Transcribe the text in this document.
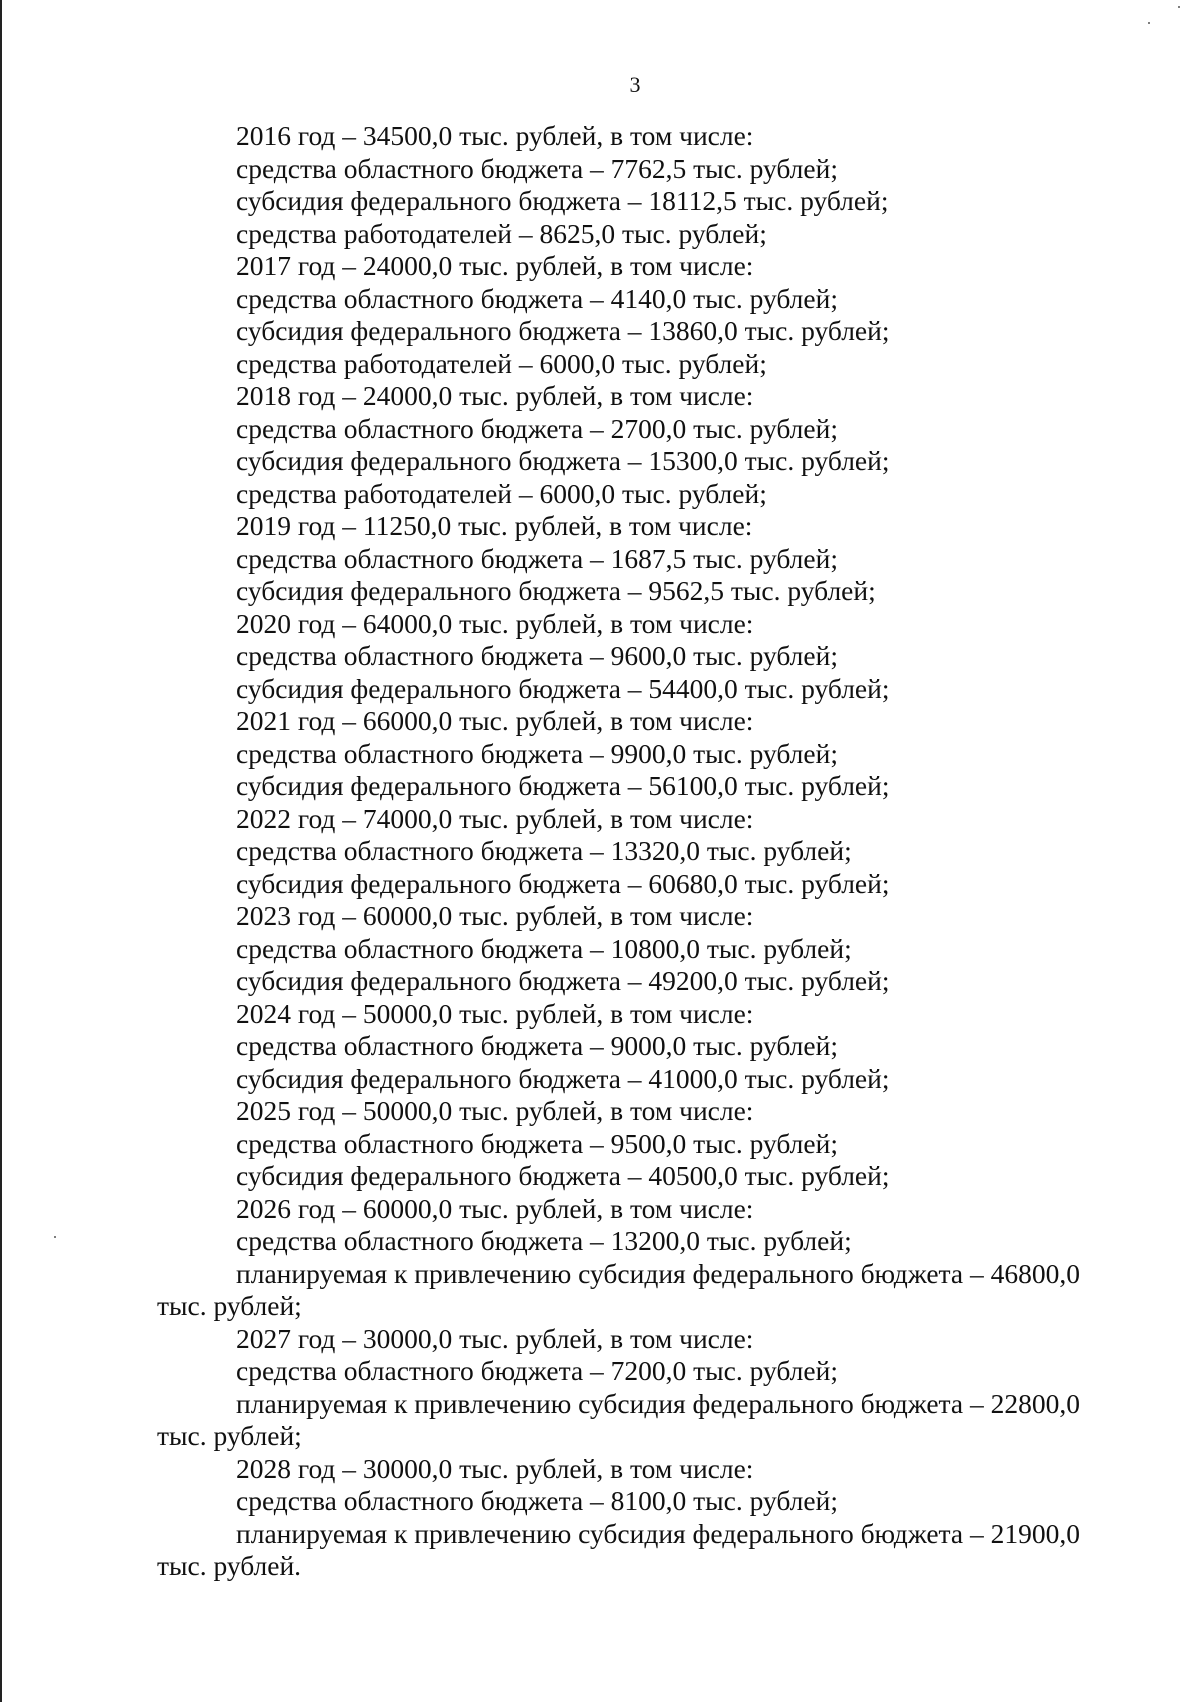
3
2016 год – 34500,0 тыс. рублей, в том числе:
средства областного бюджета – 7762,5 тыс. рублей;
субсидия федерального бюджета – 18112,5 тыс. рублей;
средства работодателей – 8625,0 тыс. рублей;
2017 год – 24000,0 тыс. рублей, в том числе:
средства областного бюджета – 4140,0 тыс. рублей;
субсидия федерального бюджета – 13860,0 тыс. рублей;
средства работодателей – 6000,0 тыс. рублей;
2018 год – 24000,0 тыс. рублей, в том числе:
средства областного бюджета – 2700,0 тыс. рублей;
субсидия федерального бюджета – 15300,0 тыс. рублей;
средства работодателей – 6000,0 тыс. рублей;
2019 год – 11250,0 тыс. рублей, в том числе:
средства областного бюджета – 1687,5 тыс. рублей;
субсидия федерального бюджета – 9562,5 тыс. рублей;
2020 год – 64000,0 тыс. рублей, в том числе:
средства областного бюджета – 9600,0 тыс. рублей;
субсидия федерального бюджета – 54400,0 тыс. рублей;
2021 год – 66000,0 тыс. рублей, в том числе:
средства областного бюджета – 9900,0 тыс. рублей;
субсидия федерального бюджета – 56100,0 тыс. рублей;
2022 год – 74000,0 тыс. рублей, в том числе:
средства областного бюджета – 13320,0 тыс. рублей;
субсидия федерального бюджета – 60680,0 тыс. рублей;
2023 год – 60000,0 тыс. рублей, в том числе:
средства областного бюджета – 10800,0 тыс. рублей;
субсидия федерального бюджета – 49200,0 тыс. рублей;
2024 год – 50000,0 тыс. рублей, в том числе:
средства областного бюджета – 9000,0 тыс. рублей;
субсидия федерального бюджета – 41000,0 тыс. рублей;
2025 год – 50000,0 тыс. рублей, в том числе:
средства областного бюджета – 9500,0 тыс. рублей;
субсидия федерального бюджета – 40500,0 тыс. рублей;
2026 год – 60000,0 тыс. рублей, в том числе:
средства областного бюджета – 13200,0 тыс. рублей;
планируемая к привлечению субсидия федерального бюджета – 46800,0
тыс. рублей;
2027 год – 30000,0 тыс. рублей, в том числе:
средства областного бюджета – 7200,0 тыс. рублей;
планируемая к привлечению субсидия федерального бюджета – 22800,0
тыс. рублей;
2028 год – 30000,0 тыс. рублей, в том числе:
средства областного бюджета – 8100,0 тыс. рублей;
планируемая к привлечению субсидия федерального бюджета – 21900,0
тыс. рублей.
